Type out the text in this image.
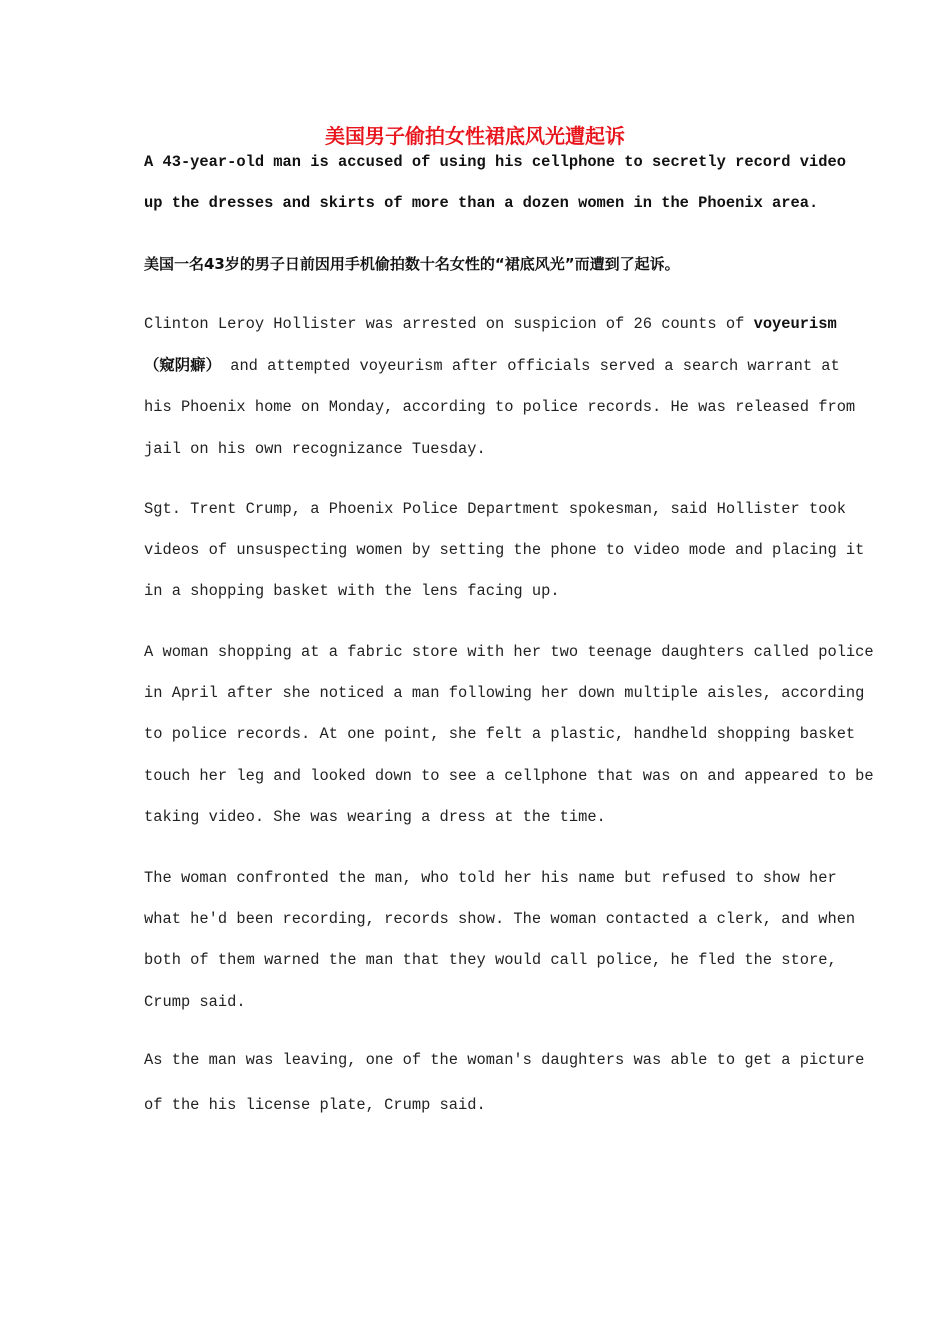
美国男子偷拍女性裙底风光遭起诉

A 43-year-old man is accused of using his cellphone to secretly record video
up the dresses and skirts of more than a dozen women in the Phoenix area.

美国一名43岁的男子日前因用手机偷拍数十名女性的“裙底风光”而遭到了起诉。

Clinton Leroy Hollister was arrested on suspicion of 26 counts of voyeurism
（窥阴癖） and attempted voyeurism after officials served a search warrant at
his Phoenix home on Monday, according to police records. He was released from
jail on his own recognizance Tuesday.

Sgt. Trent Crump, a Phoenix Police Department spokesman, said Hollister took
videos of unsuspecting women by setting the phone to video mode and placing it
in a shopping basket with the lens facing up.

A woman shopping at a fabric store with her two teenage daughters called police
in April after she noticed a man following her down multiple aisles, according
to police records. At one point, she felt a plastic, handheld shopping basket
touch her leg and looked down to see a cellphone that was on and appeared to be
taking video. She was wearing a dress at the time.

The woman confronted the man, who told her his name but refused to show her
what he'd been recording, records show. The woman contacted a clerk, and when
both of them warned the man that they would call police, he fled the store,
Crump said.

As the man was leaving, one of the woman's daughters was able to get a picture
of the his license plate, Crump said.
